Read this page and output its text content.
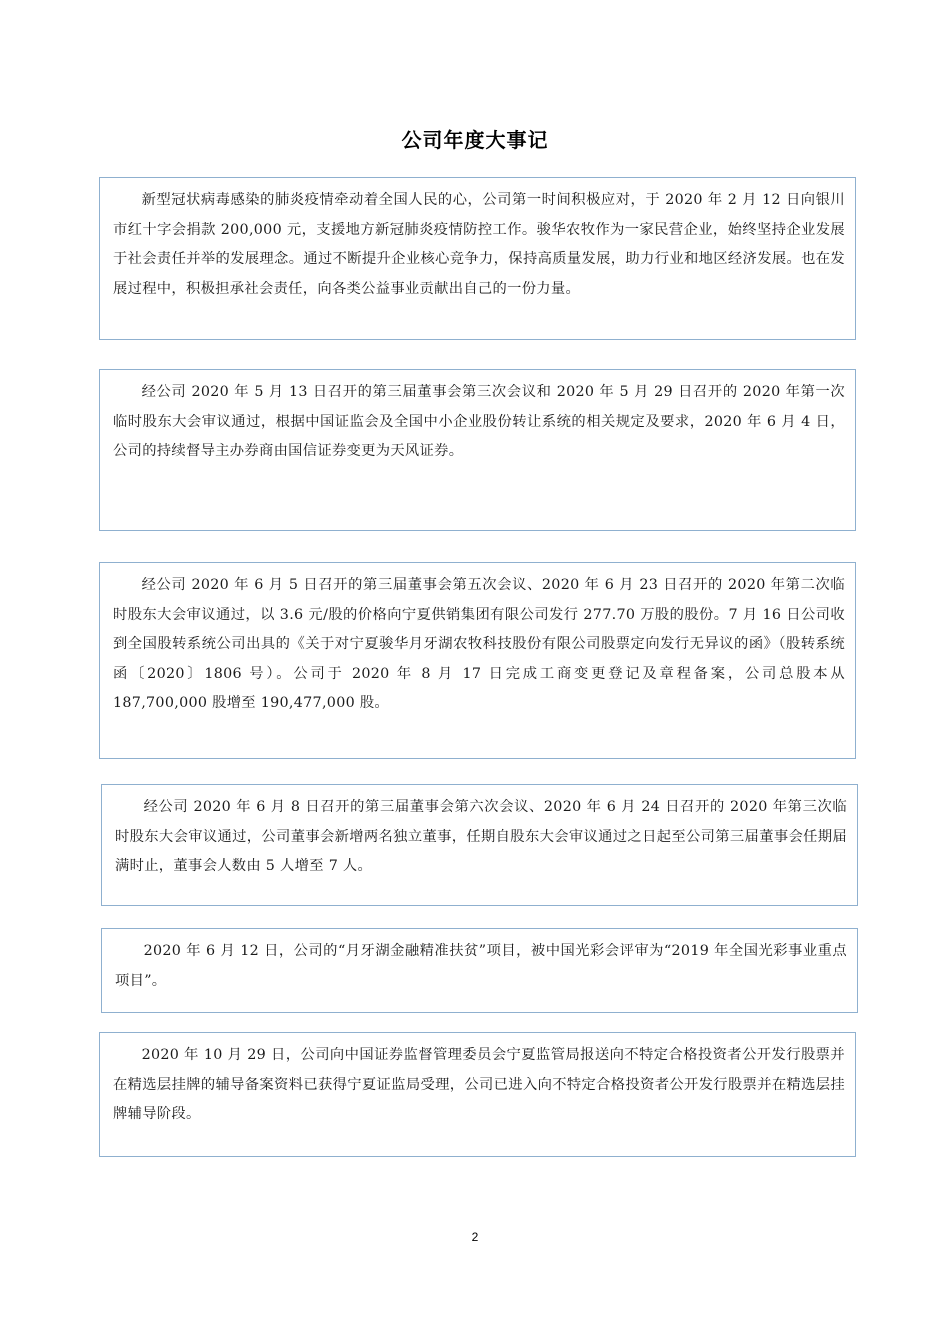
公司年度大事记

新型冠状病毒感染的肺炎疫情牵动着全国人民的心，公司第一时间积极应对，于 2020 年 2 月 12 日向银川市红十字会捐款 200,000 元，支援地方新冠肺炎疫情防控工作。骏华农牧作为一家民营企业，始终坚持企业发展于社会责任并举的发展理念。通过不断提升企业核心竞争力，保持高质量发展，助力行业和地区经济发展。也在发展过程中，积极担承社会责任，向各类公益事业贡献出自己的一份力量。

经公司 2020 年 5 月 13 日召开的第三届董事会第三次会议和 2020 年 5 月 29 日召开的 2020 年第一次临时股东大会审议通过，根据中国证监会及全国中小企业股份转让系统的相关规定及要求，2020 年 6 月 4 日，公司的持续督导主办券商由国信证券变更为天风证券。

经公司 2020 年 6 月 5 日召开的第三届董事会第五次会议、2020 年 6 月 23 日召开的 2020 年第二次临时股东大会审议通过，以 3.6 元/股的价格向宁夏供销集团有限公司发行 277.70 万股的股份。7 月 16 日公司收到全国股转系统公司出具的《关于对宁夏骏华月牙湖农牧科技股份有限公司股票定向发行无异议的函》（股转系统函〔2020〕1806 号）。公司于 2020 年 8 月 17 日完成工商变更登记及章程备案，公司总股本从 187,700,000 股增至 190,477,000 股。

经公司 2020 年 6 月 8 日召开的第三届董事会第六次会议、2020 年 6 月 24 日召开的 2020 年第三次临时股东大会审议通过，公司董事会新增两名独立董事，任期自股东大会审议通过之日起至公司第三届董事会任期届满时止，董事会人数由 5 人增至 7 人。

2020 年 6 月 12 日，公司的“月牙湖金融精准扶贫”项目，被中国光彩会评审为“2019 年全国光彩事业重点项目”。

2020 年 10 月 29 日，公司向中国证券监督管理委员会宁夏监管局报送向不特定合格投资者公开发行股票并在精选层挂牌的辅导备案资料已获得宁夏证监局受理，公司已进入向不特定合格投资者公开发行股票并在精选层挂牌辅导阶段。

2
